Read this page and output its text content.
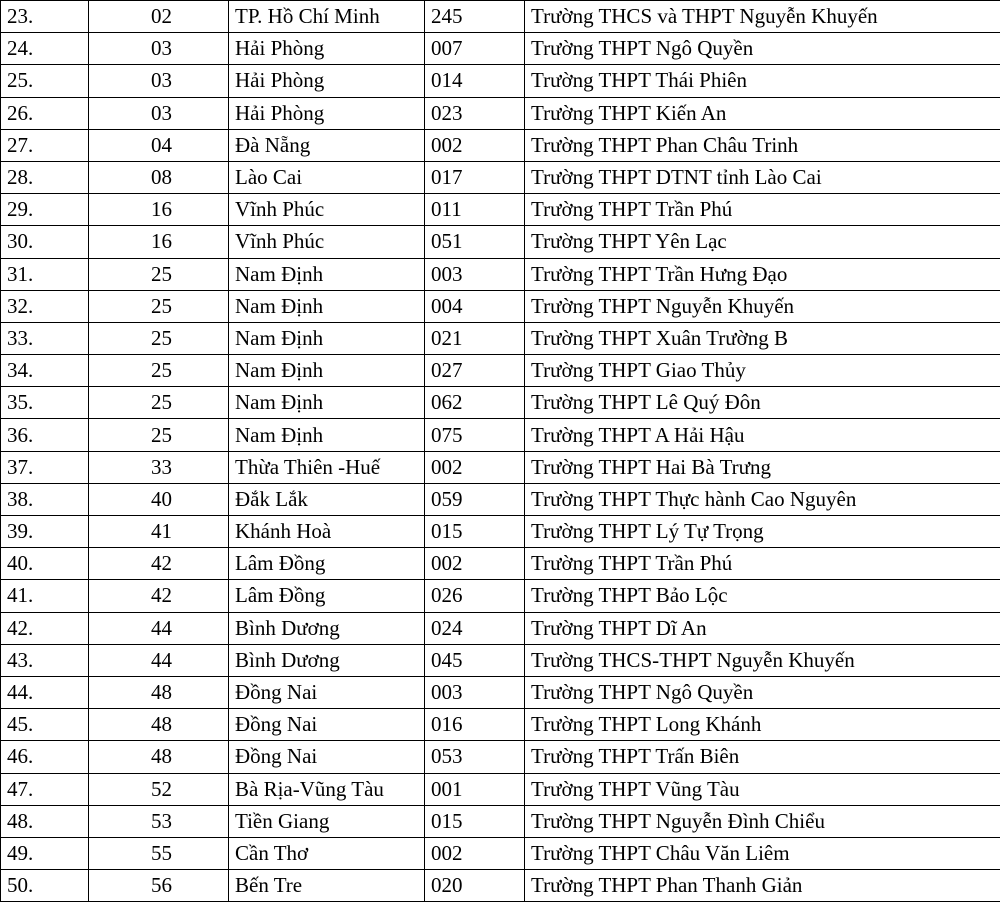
23.	02	TP. Hồ Chí Minh	245	Trường THCS và THPT Nguyễn Khuyến
24.	03	Hải Phòng	007	Trường THPT Ngô Quyền
25.	03	Hải Phòng	014	Trường THPT Thái Phiên
26.	03	Hải Phòng	023	Trường THPT Kiến An
27.	04	Đà Nẵng	002	Trường THPT Phan Châu Trinh
28.	08	Lào Cai	017	Trường THPT DTNT tỉnh Lào Cai
29.	16	Vĩnh Phúc	011	Trường THPT Trần Phú
30.	16	Vĩnh Phúc	051	Trường THPT Yên Lạc
31.	25	Nam Định	003	Trường THPT Trần Hưng Đạo
32.	25	Nam Định	004	Trường THPT Nguyễn Khuyến
33.	25	Nam Định	021	Trường THPT Xuân Trường B
34.	25	Nam Định	027	Trường THPT Giao Thủy
35.	25	Nam Định	062	Trường THPT Lê Quý Đôn
36.	25	Nam Định	075	Trường THPT A Hải Hậu
37.	33	Thừa Thiên -Huế	002	Trường THPT Hai Bà Trưng
38.	40	Đắk Lắk	059	Trường THPT Thực hành Cao Nguyên
39.	41	Khánh Hoà	015	Trường THPT Lý Tự Trọng
40.	42	Lâm Đồng	002	Trường THPT Trần Phú
41.	42	Lâm Đồng	026	Trường THPT Bảo Lộc
42.	44	Bình Dương	024	Trường THPT Dĩ An
43.	44	Bình Dương	045	Trường THCS-THPT Nguyễn Khuyến
44.	48	Đồng Nai	003	Trường THPT Ngô Quyền
45.	48	Đồng Nai	016	Trường THPT Long Khánh
46.	48	Đồng Nai	053	Trường THPT Trấn Biên
47.	52	Bà Rịa-Vũng Tàu	001	Trường THPT Vũng Tàu
48.	53	Tiền Giang	015	Trường THPT Nguyễn Đình Chiểu
49.	55	Cần Thơ	002	Trường THPT Châu Văn Liêm
50.	56	Bến Tre	020	Trường THPT Phan Thanh Giản
